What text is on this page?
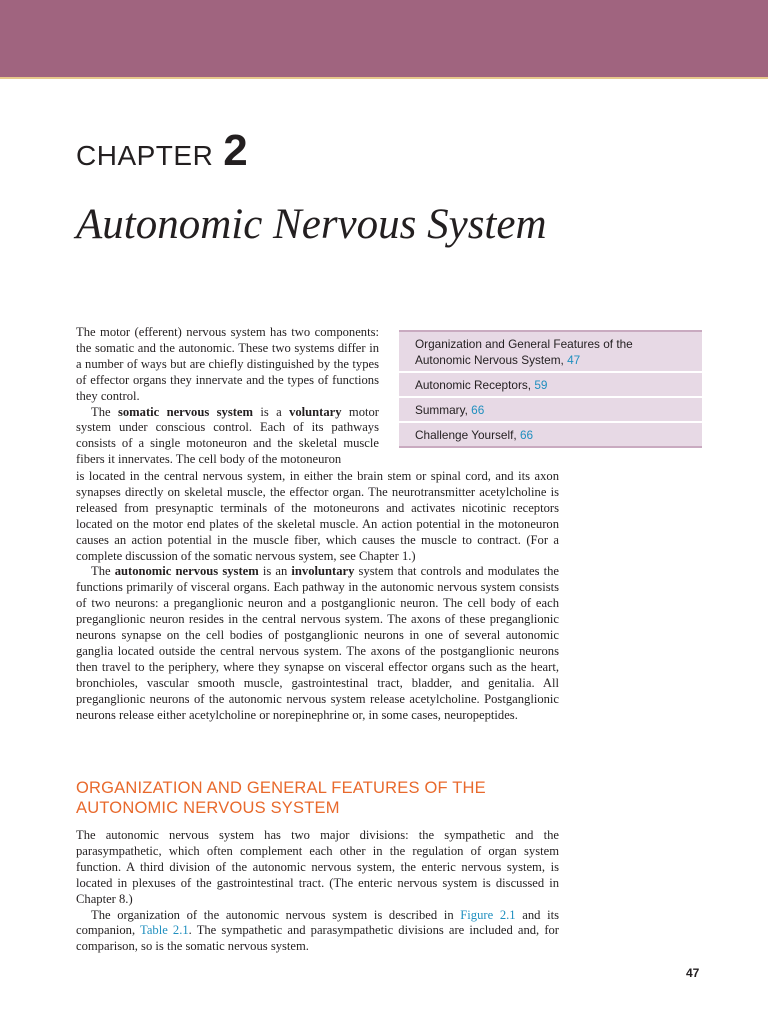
CHAPTER 2
Autonomic Nervous System

The motor (efferent) nervous system has two components: the somatic and the autonomic. These two systems differ in a number of ways but are chiefly distinguished by the types of effector organs they innervate and the types of functions they control.

The somatic nervous system is a voluntary motor system under conscious control. Each of its pathways consists of a single motoneuron and the skeletal muscle fibers it innervates. The cell body of the motoneuron

Organization and General Features of the Autonomic Nervous System, 47
Autonomic Receptors, 59
Summary, 66
Challenge Yourself, 66

is located in the central nervous system, in either the brain stem or spinal cord, and its axon synapses directly on skeletal muscle, the effector organ. The neurotransmitter acetylcholine is released from presynaptic terminals of the motoneurons and activates nicotinic receptors located on the motor end plates of the skeletal muscle. An action potential in the motoneuron causes an action potential in the muscle fiber, which causes the muscle to contract. (For a complete discussion of the somatic nervous system, see Chapter 1.)

The autonomic nervous system is an involuntary system that controls and modulates the functions primarily of visceral organs. Each pathway in the autonomic nervous system consists of two neurons: a preganglionic neuron and a postganglionic neuron. The cell body of each preganglionic neuron resides in the central nervous system. The axons of these preganglionic neurons synapse on the cell bodies of postganglionic neurons in one of several autonomic ganglia located outside the central nervous system. The axons of the postganglionic neurons then travel to the periphery, where they synapse on visceral effector organs such as the heart, bronchioles, vascular smooth muscle, gastrointestinal tract, bladder, and genitalia. All preganglionic neurons of the autonomic nervous system release acetylcholine. Postganglionic neurons release either acetylcholine or norepinephrine or, in some cases, neuropeptides.

ORGANIZATION AND GENERAL FEATURES OF THE
AUTONOMIC NERVOUS SYSTEM

The autonomic nervous system has two major divisions: the sympathetic and the parasympathetic, which often complement each other in the regulation of organ system function. A third division of the autonomic nervous system, the enteric nervous system, is located in plexuses of the gastrointestinal tract. (The enteric nervous system is discussed in Chapter 8.)

The organization of the autonomic nervous system is described in Figure 2.1 and its companion, Table 2.1. The sympathetic and parasympathetic divisions are included and, for comparison, so is the somatic nervous system.

47
